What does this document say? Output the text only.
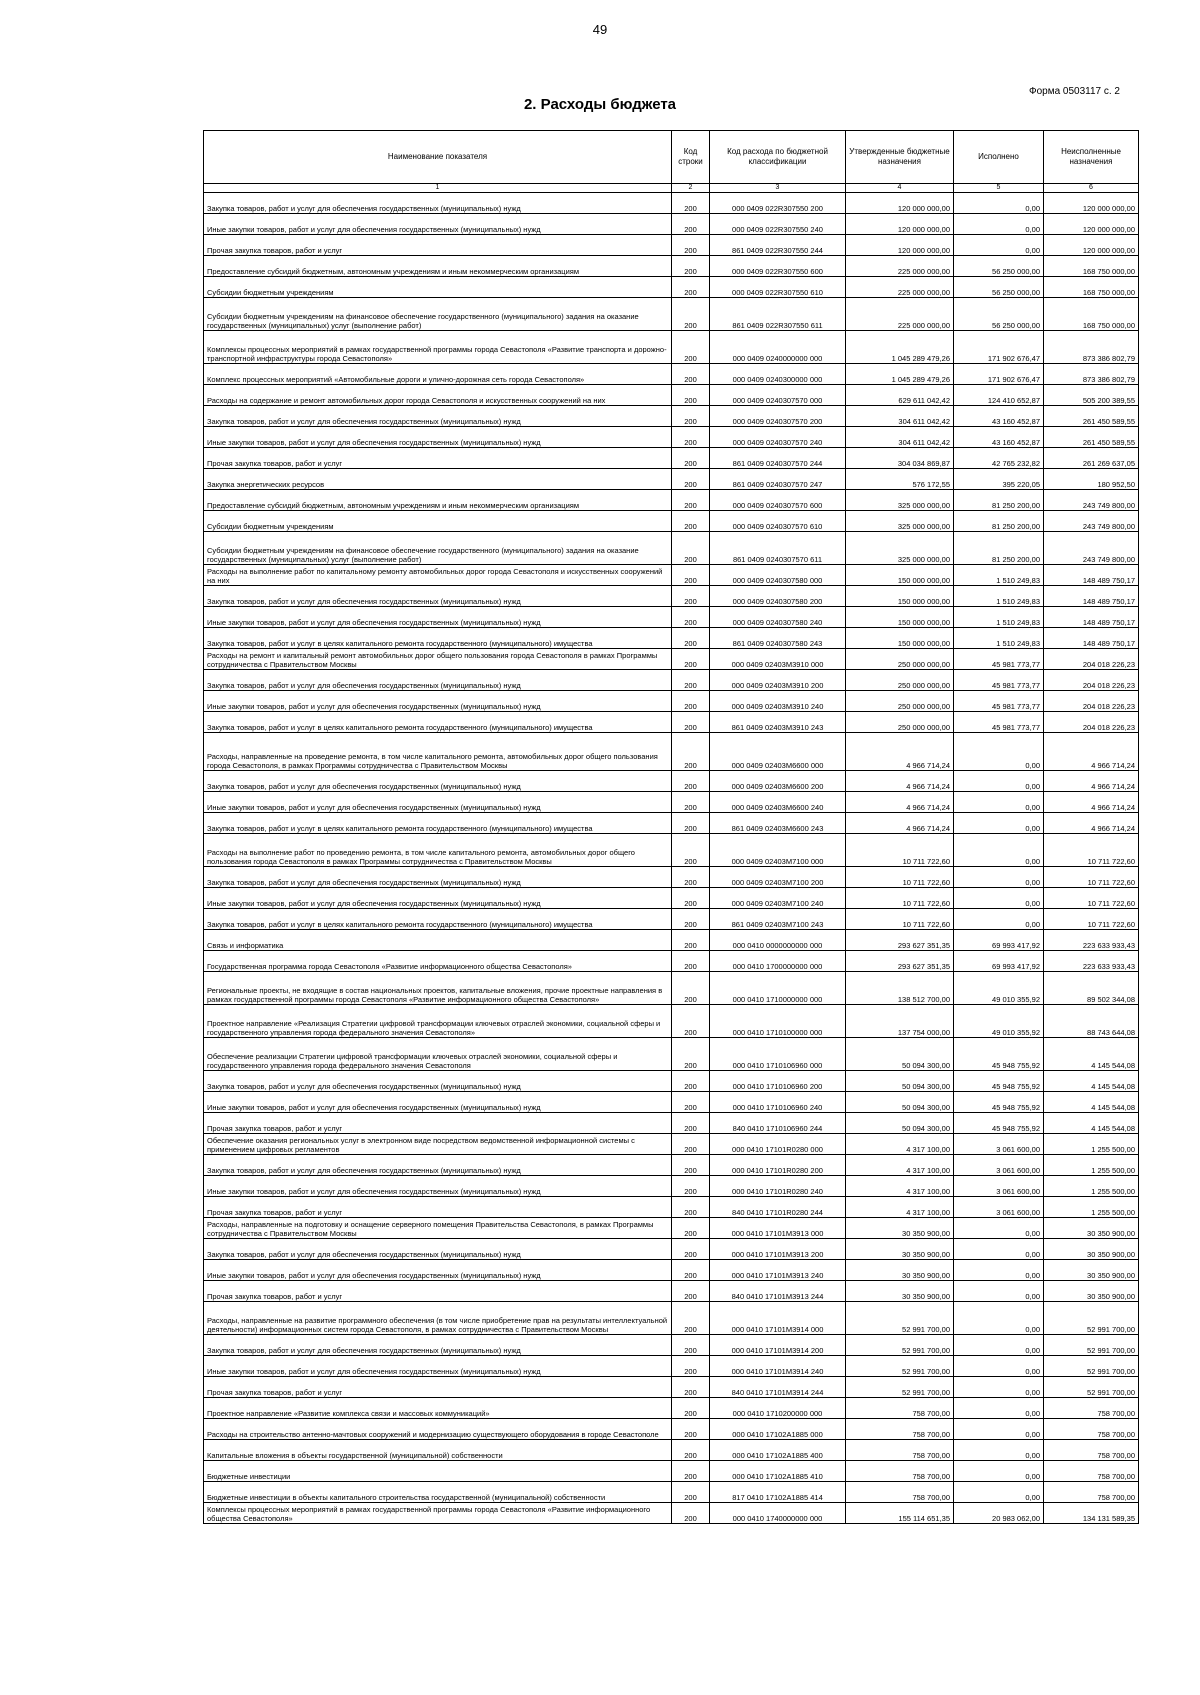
49
2. Расходы бюджета
Форма 0503117 с. 2
Наименование показателя	Код строки	Код расхода по бюджетной классификации	Утвержденные бюджетные назначения	Исполнено	Неисполненные назначения
1	2	3	4	5	6
Закупка товаров, работ и услуг для обеспечения государственных (муниципальных) нужд	200	000 0409 022R307550 200	120 000 000,00	0,00	120 000 000,00
Иные закупки товаров, работ и услуг для обеспечения государственных (муниципальных) нужд	200	000 0409 022R307550 240	120 000 000,00	0,00	120 000 000,00
Прочая закупка товаров, работ и услуг	200	861 0409 022R307550 244	120 000 000,00	0,00	120 000 000,00
Предоставление субсидий бюджетным, автономным учреждениям и иным некоммерческим организациям	200	000 0409 022R307550 600	225 000 000,00	56 250 000,00	168 750 000,00
Субсидии бюджетным учреждениям	200	000 0409 022R307550 610	225 000 000,00	56 250 000,00	168 750 000,00
Субсидии бюджетным учреждениям на финансовое обеспечение государственного (муниципального) задания на оказание государственных (муниципальных) услуг (выполнение работ)	200	861 0409 022R307550 611	225 000 000,00	56 250 000,00	168 750 000,00
Комплексы процессных мероприятий в рамках государственной программы города Севастополя «Развитие транспорта и дорожно-транспортной инфраструктуры города Севастополя»	200	000 0409 0240000000 000	1 045 289 479,26	171 902 676,47	873 386 802,79
Комплекс процессных мероприятий «Автомобильные дороги и улично-дорожная сеть города Севастополя»	200	000 0409 0240300000 000	1 045 289 479,26	171 902 676,47	873 386 802,79
Расходы на содержание и ремонт автомобильных дорог города Севастополя и искусственных сооружений на них	200	000 0409 0240307570 000	629 611 042,42	124 410 652,87	505 200 389,55
Закупка товаров, работ и услуг для обеспечения государственных (муниципальных) нужд	200	000 0409 0240307570 200	304 611 042,42	43 160 452,87	261 450 589,55
Иные закупки товаров, работ и услуг для обеспечения государственных (муниципальных) нужд	200	000 0409 0240307570 240	304 611 042,42	43 160 452,87	261 450 589,55
Прочая закупка товаров, работ и услуг	200	861 0409 0240307570 244	304 034 869,87	42 765 232,82	261 269 637,05
Закупка энергетических ресурсов	200	861 0409 0240307570 247	576 172,55	395 220,05	180 952,50
Предоставление субсидий бюджетным, автономным учреждениям и иным некоммерческим организациям	200	000 0409 0240307570 600	325 000 000,00	81 250 200,00	243 749 800,00
Субсидии бюджетным учреждениям	200	000 0409 0240307570 610	325 000 000,00	81 250 200,00	243 749 800,00
Субсидии бюджетным учреждениям на финансовое обеспечение государственного (муниципального) задания на оказание государственных (муниципальных) услуг (выполнение работ)	200	861 0409 0240307570 611	325 000 000,00	81 250 200,00	243 749 800,00
Расходы на выполнение работ по капитальному ремонту автомобильных дорог города Севастополя и искусственных сооружений на них	200	000 0409 0240307580 000	150 000 000,00	1 510 249,83	148 489 750,17
Закупка товаров, работ и услуг для обеспечения государственных (муниципальных) нужд	200	000 0409 0240307580 200	150 000 000,00	1 510 249,83	148 489 750,17
Иные закупки товаров, работ и услуг для обеспечения государственных (муниципальных) нужд	200	000 0409 0240307580 240	150 000 000,00	1 510 249,83	148 489 750,17
Закупка товаров, работ и услуг в целях капитального ремонта государственного (муниципального) имущества	200	861 0409 0240307580 243	150 000 000,00	1 510 249,83	148 489 750,17
Расходы на ремонт и капитальный ремонт автомобильных дорог общего пользования города Севастополя в рамках Программы сотрудничества с Правительством Москвы	200	000 0409 02403M3910 000	250 000 000,00	45 981 773,77	204 018 226,23
Закупка товаров, работ и услуг для обеспечения государственных (муниципальных) нужд	200	000 0409 02403M3910 200	250 000 000,00	45 981 773,77	204 018 226,23
Иные закупки товаров, работ и услуг для обеспечения государственных (муниципальных) нужд	200	000 0409 02403M3910 240	250 000 000,00	45 981 773,77	204 018 226,23
Закупка товаров, работ и услуг в целях капитального ремонта государственного (муниципального) имущества	200	861 0409 02403M3910 243	250 000 000,00	45 981 773,77	204 018 226,23
Расходы, направленные на проведение ремонта, в том числе капитального ремонта, автомобильных дорог общего пользования города Севастополя, в рамках Программы сотрудничества с Правительством Москвы	200	000 0409 02403M6600 000	4 966 714,24	0,00	4 966 714,24
Закупка товаров, работ и услуг для обеспечения государственных (муниципальных) нужд	200	000 0409 02403M6600 200	4 966 714,24	0,00	4 966 714,24
Иные закупки товаров, работ и услуг для обеспечения государственных (муниципальных) нужд	200	000 0409 02403M6600 240	4 966 714,24	0,00	4 966 714,24
Закупка товаров, работ и услуг в целях капитального ремонта государственного (муниципального) имущества	200	861 0409 02403M6600 243	4 966 714,24	0,00	4 966 714,24
Расходы на выполнение работ по проведению ремонта, в том числе капитального ремонта, автомобильных дорог общего пользования города Севастополя в рамках Программы сотрудничества с Правительством Москвы	200	000 0409 02403M7100 000	10 711 722,60	0,00	10 711 722,60
Закупка товаров, работ и услуг для обеспечения государственных (муниципальных) нужд	200	000 0409 02403M7100 200	10 711 722,60	0,00	10 711 722,60
Иные закупки товаров, работ и услуг для обеспечения государственных (муниципальных) нужд	200	000 0409 02403M7100 240	10 711 722,60	0,00	10 711 722,60
Закупка товаров, работ и услуг в целях капитального ремонта государственного (муниципального) имущества	200	861 0409 02403M7100 243	10 711 722,60	0,00	10 711 722,60
Связь и информатика	200	000 0410 0000000000 000	293 627 351,35	69 993 417,92	223 633 933,43
Государственная программа города Севастополя «Развитие информационного общества Севастополя»	200	000 0410 1700000000 000	293 627 351,35	69 993 417,92	223 633 933,43
Региональные проекты, не входящие в состав национальных проектов, капитальные вложения, прочие проектные направления в рамках государственной программы города Севастополя «Развитие информационного общества Севастополя»	200	000 0410 1710000000 000	138 512 700,00	49 010 355,92	89 502 344,08
Проектное направление «Реализация Стратегии цифровой трансформации ключевых отраслей экономики, социальной сферы и государственного управления города федерального значения Севастополя»	200	000 0410 1710100000 000	137 754 000,00	49 010 355,92	88 743 644,08
Обеспечение реализации Стратегии цифровой трансформации ключевых отраслей экономики, социальной сферы и государственного управления города федерального значения Севастополя	200	000 0410 1710106960 000	50 094 300,00	45 948 755,92	4 145 544,08
Закупка товаров, работ и услуг для обеспечения государственных (муниципальных) нужд	200	000 0410 1710106960 200	50 094 300,00	45 948 755,92	4 145 544,08
Иные закупки товаров, работ и услуг для обеспечения государственных (муниципальных) нужд	200	000 0410 1710106960 240	50 094 300,00	45 948 755,92	4 145 544,08
Прочая закупка товаров, работ и услуг	200	840 0410 1710106960 244	50 094 300,00	45 948 755,92	4 145 544,08
Обеспечение оказания региональных услуг в электронном виде посредством ведомственной информационной системы с применением цифровых регламентов	200	000 0410 17101R0280 000	4 317 100,00	3 061 600,00	1 255 500,00
Закупка товаров, работ и услуг для обеспечения государственных (муниципальных) нужд	200	000 0410 17101R0280 200	4 317 100,00	3 061 600,00	1 255 500,00
Иные закупки товаров, работ и услуг для обеспечения государственных (муниципальных) нужд	200	000 0410 17101R0280 240	4 317 100,00	3 061 600,00	1 255 500,00
Прочая закупка товаров, работ и услуг	200	840 0410 17101R0280 244	4 317 100,00	3 061 600,00	1 255 500,00
Расходы, направленные на подготовку и оснащение серверного помещения Правительства Севастополя, в рамках Программы сотрудничества с Правительством Москвы	200	000 0410 17101M3913 000	30 350 900,00	0,00	30 350 900,00
Закупка товаров, работ и услуг для обеспечения государственных (муниципальных) нужд	200	000 0410 17101M3913 200	30 350 900,00	0,00	30 350 900,00
Иные закупки товаров, работ и услуг для обеспечения государственных (муниципальных) нужд	200	000 0410 17101M3913 240	30 350 900,00	0,00	30 350 900,00
Прочая закупка товаров, работ и услуг	200	840 0410 17101M3913 244	30 350 900,00	0,00	30 350 900,00
Расходы, направленные на развитие программного обеспечения (в том числе приобретение прав на результаты интеллектуальной деятельности) информационных систем города Севастополя, в рамках сотрудничества с Правительством Москвы	200	000 0410 17101M3914 000	52 991 700,00	0,00	52 991 700,00
Закупка товаров, работ и услуг для обеспечения государственных (муниципальных) нужд	200	000 0410 17101M3914 200	52 991 700,00	0,00	52 991 700,00
Иные закупки товаров, работ и услуг для обеспечения государственных (муниципальных) нужд	200	000 0410 17101M3914 240	52 991 700,00	0,00	52 991 700,00
Прочая закупка товаров, работ и услуг	200	840 0410 17101M3914 244	52 991 700,00	0,00	52 991 700,00
Проектное направление «Развитие комплекса связи и массовых коммуникаций»	200	000 0410 1710200000 000	758 700,00	0,00	758 700,00
Расходы на строительство антенно-мачтовых сооружений и модернизацию существующего оборудования в городе Севастополе	200	000 0410 17102A1885 000	758 700,00	0,00	758 700,00
Капитальные вложения в объекты государственной (муниципальной) собственности	200	000 0410 17102A1885 400	758 700,00	0,00	758 700,00
Бюджетные инвестиции	200	000 0410 17102A1885 410	758 700,00	0,00	758 700,00
Бюджетные инвестиции в объекты капитального строительства государственной (муниципальной) собственности	200	817 0410 17102A1885 414	758 700,00	0,00	758 700,00
Комплексы процессных мероприятий в рамках государственной программы города Севастополя «Развитие информационного общества Севастополя»	200	000 0410 1740000000 000	155 114 651,35	20 983 062,00	134 131 589,35
